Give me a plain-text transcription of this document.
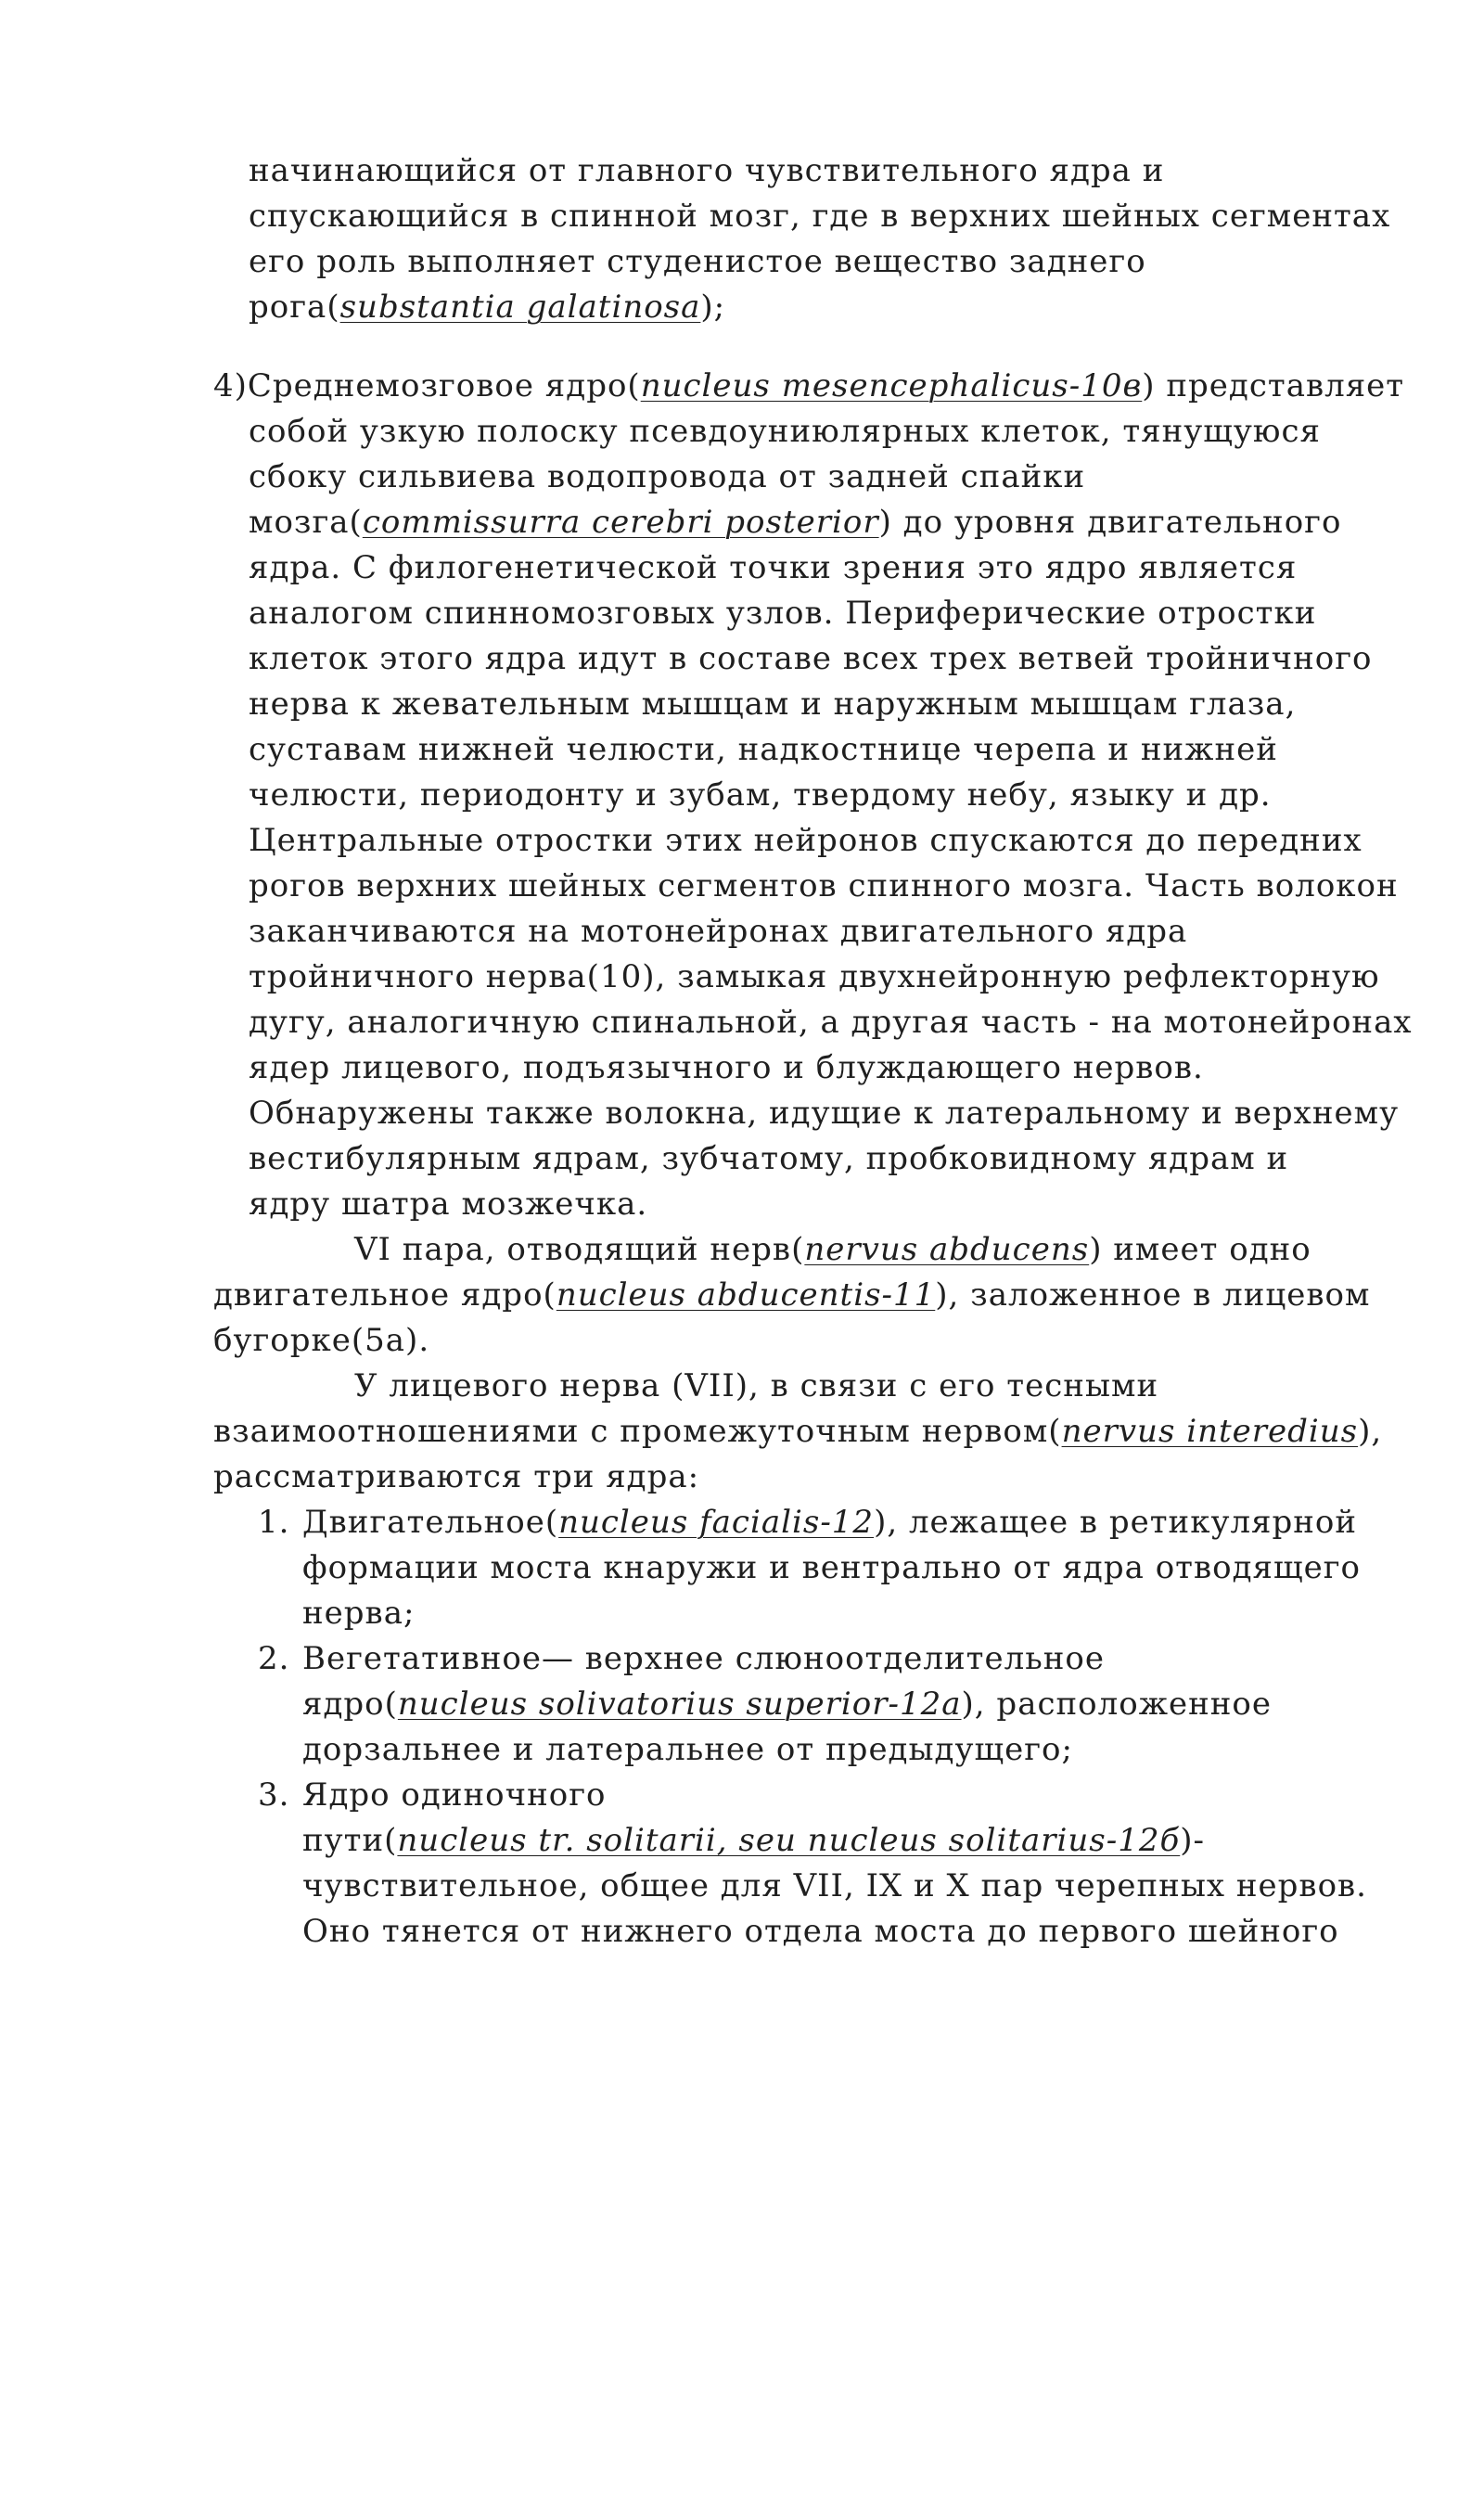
начинающийся от главного чувствительного ядра и

спускающийся в спинной мозг, где в верхних шейных сегментах

его роль выполняет студенистое вещество заднего

рога(substantia galatinosa);

4)Среднемозговое ядро(nucleus mesencephalicus-10в) представляет

собой узкую полоску псевдоуниюлярных клеток, тянущуюся

сбоку сильвиева водопровода от задней спайки

мозга(commissurra cerebri posterior) до уровня двигательного

ядра. С филогенетической точки зрения это ядро является

аналогом спинномозговых узлов. Периферические отростки

клеток этого ядра идут в составе всех трех ветвей тройничного

нерва к жевательным мышцам и наружным мышцам глаза,

суставам нижней челюсти, надкостнице черепа и нижней

челюсти, периодонту и зубам, твердому небу, языку и др.

Центральные отростки этих нейронов спускаются до передних

рогов верхних шейных сегментов спинного мозга. Часть волокон

заканчиваются на мотонейронах двигательного ядра

тройничного нерва(10), замыкая двухнейронную рефлекторную

дугу, аналогичную спинальной, а другая часть - на мотонейронах

ядер лицевого, подъязычного и блуждающего нервов.

Обнаружены также волокна, идущие к латеральному и верхнему

вестибулярным ядрам, зубчатому, пробковидному ядрам и

ядру шатра мозжечка.

VI пара, отводящий нерв(nervus abducens) имеет одно

двигательное ядро(nucleus abducentis-11), заложенное в лицевом

бугорке(5а).

У лицевого нерва (VII), в связи с его тесными

взаимоотношениями с промежуточным нервом(nervus interedius),

рассматриваются три ядра:

1.

Двигательное(nucleus facialis-12), лежащее в ретикулярной

формации моста кнаружи и вентрально от ядра отводящего

нерва;

2.

Вегетативное— верхнее слюноотделительное

ядро(nucleus solivatorius superior-12а), расположенное

дорзальнее и латеральнее от предыдущего;

3.

Ядро одиночного

пути(nucleus tr. solitarii, seu nucleus solitarius-12б)-

чувствительное, общее для VII, IX и X пар черепных нервов.

Оно тянется от нижнего отдела моста до первого шейного
